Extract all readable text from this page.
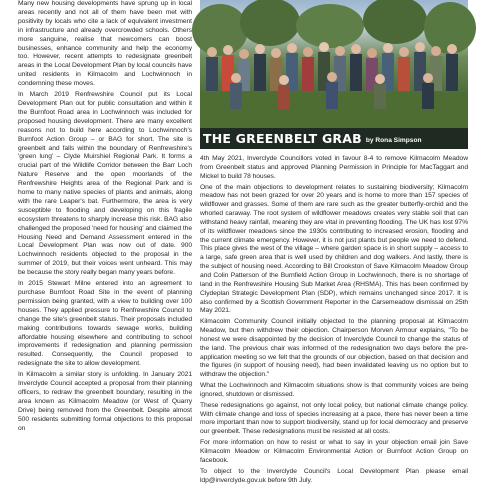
Many new housing developments have sprung up in local areas recently and not all of them have been met with positivity by locals who cite a lack of equivalent investment in infrastructure and already overcrowded schools. Others more sanguine, realise that newcomers can boost businesses, enhance community and help the economy too. However, recent attempts to redesignate greenbelt areas in the Local Development Plan by local councils have united residents in Kilmacolm and Lochwinnoch in condemning these moves.

In March 2019 Renfrewshire Council put its Local Development Plan out for public consultation and within it the Burnfoot Road area in Lochwinnoch was included for proposed housing development. There are many excellent reasons not to build here according to Lochwinnoch's Burnfoot Action Group – or BAG for short. The site is greenbelt and falls within the boundary of Renfrewshire's 'green lung' – Clyde Muirshiel Regional Park. It forms a crucial part of the Wildlife Corridor between the Barr Loch Nature Reserve and the open moorlands of the Renfrewshire Heights area of the Regional Park and is home to many native species of plants and animals, along with the rare Leaper's bat. Furthermore, the area is very susceptible to flooding and developing on this fragile ecosystem threatens to sharply increase this risk. BAG also challenged the proposed 'need for housing' and claimed the Housing Need and Demand Assessment entered in the Local Development Plan was now out of date. 900 Lochwinnoch residents objected to the proposal in the summer of 2019, but their voices went unheard. This may be because the story really began many years before.

In 2015 Stewart Milne entered into an agreement to purchase Burnfoot Road Site in the event of planning permission being granted, with a view to building over 100 houses. They applied pressure to Renfrewshire Council to change the site's greenbelt status. Their proposals included making contributions towards sewage works, building affordable housing elsewhere and contributing to school improvements if redesignation and planning permission resulted. Consequently, the Council proposed to redesignate the site to allow development.

In Kilmacolm a similar story is unfolding. In January 2021 Inverclyde Council accepted a proposal from their planning officers, to redraw the greenbelt boundary, resulting in the area known as Kilmacolm Meadow (or West of Quarry Drive) being removed from the Greenbelt. Despite almost 500 residents submitting formal objections to this proposal on

THE GREENBELT GRAB by Rona Simpson

4th May 2021, Inverclyde Councillors voted in favour 8-4 to remove Kilmacolm Meadow from Greenbelt status and approved Planning Permission in Principle for MacTaggart and Mickel to build 78 houses.

One of the main objections to development relates to sustaining biodiversity; Kilmacolm meadow has not been grazed for over 20 years and is home to more than 157 species of wildflower and grasses. Some of them are rare such as the greater butterfly-orchid and the whorled caraway. The root system of wildflower meadows creates very stable soil that can withstand heavy rainfall, meaning they are vital in preventing flooding. The UK has lost 97% of its wildflower meadows since the 1930s contributing to increased erosion, flooding and the current climate emergency. However, it is not just plants but people we need to defend. This place gives the west of the village – where garden space is in short supply – access to a large, safe green area that is well used by children and dog walkers. And lastly, there is the subject of housing need. According to Bill Crookston of Save Kilmacolm Meadow Group and Colin Patterson of the Burnfield Action Group in Lochwinnoch, there is no shortage of land in the Renfrewshire Housing Sub Market Area (RHSMA). This has been confirmed by Clydeplan Strategic Development Plan (SDP), which remains unchanged since 2017. It is also confirmed by a Scottish Government Reporter in the Carsemeadow dismissal on 25th May 2021.

Kilmacolm Community Council initially objected to the planning proposal at Kilmacolm Meadow, but then withdrew their objection. Chairperson Morven Armour explains, "To be honest we were disappointed by the decision of Inverclyde Council to change the status of the land. The previous chair was informed of the redesignation two days before the pre-application meeting so we felt that the grounds of our objection, based on that decision and the figures (in support of housing need), had been invalidated leaving us no option but to withdraw the objection."

What the Lochwinnoch and Kilmacolm situations show is that community voices are being ignored, shutdown or dismissed.

These redesignations go against, not only local policy, but national climate change policy. With climate change and loss of species increasing at a pace, there has never been a time more important than now to support biodiversity, stand up for local democracy and preserve our greenbelt. These redesignations must be resisted at all costs.

For more information on how to resist or what to say in your objection email join Save Kilmacolm Meadow or Kilmacolm Environmental Action or Burnfoot Action Group on facebook.

To object to the Inverclyde Council's Local Development Plan please email ldp@inverclyde.gov.uk before 9th July.
